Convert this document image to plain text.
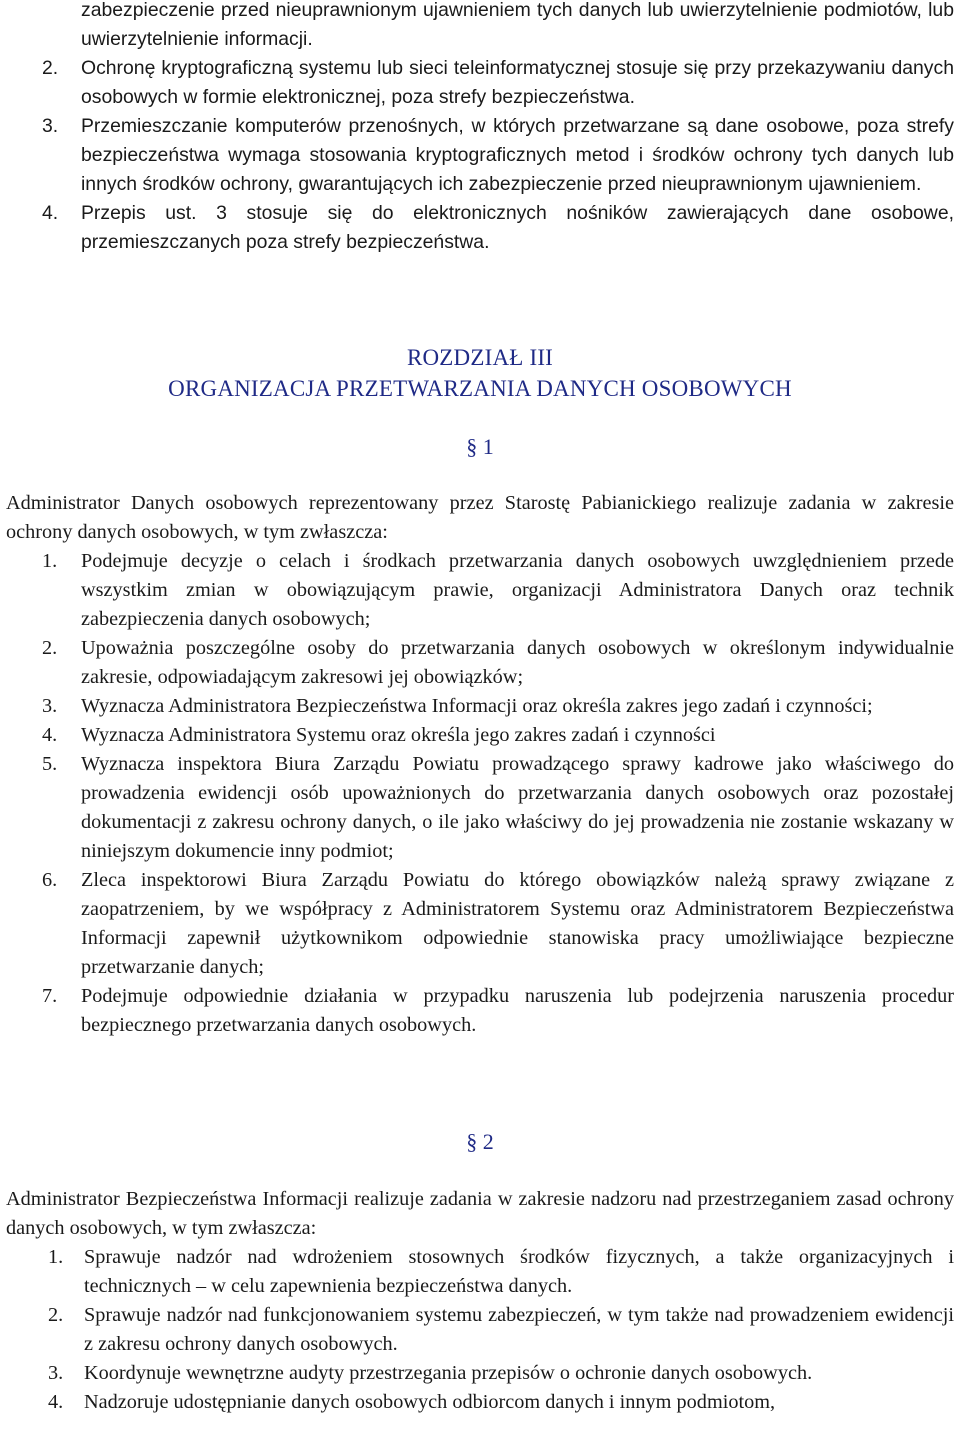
zabezpieczenie przed nieuprawnionym ujawnieniem tych danych lub uwierzytelnienie podmiotów, lub uwierzytelnienie informacji.

2. Ochronę kryptograficzną systemu lub sieci teleinformatycznej stosuje się przy przekazywaniu danych osobowych w formie elektronicznej, poza strefy bezpieczeństwa.
3. Przemieszczanie komputerów przenośnych, w których przetwarzane są dane osobowe, poza strefy bezpieczeństwa wymaga stosowania kryptograficznych metod i środków ochrony tych danych lub innych środków ochrony, gwarantujących ich zabezpieczenie przed nieuprawnionym ujawnieniem.
4. Przepis ust. 3 stosuje się do elektronicznych nośników zawierających dane osobowe, przemieszczanych poza strefy bezpieczeństwa.
ROZDZIAŁ III
ORGANIZACJA PRZETWARZANIA DANYCH OSOBOWYCH
§ 1

Administrator Danych osobowych reprezentowany przez Starostę Pabianickiego realizuje zadania w zakresie ochrony danych osobowych, w tym zwłaszcza:

1. Podejmuje decyzje o celach i środkach przetwarzania danych osobowych uwzględnieniem przede wszystkim zmian w obowiązującym prawie, organizacji Administratora Danych oraz technik zabezpieczenia danych osobowych;
2. Upoważnia poszczególne osoby do przetwarzania danych osobowych w określonym indywidualnie zakresie, odpowiadającym zakresowi jej obowiązków;
3. Wyznacza Administratora Bezpieczeństwa Informacji oraz określa zakres jego zadań i czynności;
4. Wyznacza Administratora Systemu oraz określa jego zakres zadań i czynności
5. Wyznacza inspektora Biura Zarządu Powiatu prowadzącego sprawy kadrowe jako właściwego do prowadzenia ewidencji osób upoważnionych do przetwarzania danych osobowych oraz pozostałej dokumentacji z zakresu ochrony danych, o ile jako właściwy do jej prowadzenia nie zostanie wskazany w niniejszym dokumencie inny podmiot;
6. Zleca inspektorowi Biura Zarządu Powiatu do którego obowiązków należą sprawy związane z zaopatrzeniem, by we współpracy z Administratorem Systemu oraz Administratorem Bezpieczeństwa Informacji zapewnił użytkownikom odpowiednie stanowiska pracy umożliwiające bezpieczne przetwarzanie danych;
7. Podejmuje odpowiednie działania w przypadku naruszenia lub podejrzenia naruszenia procedur bezpiecznego przetwarzania danych osobowych.
§ 2

Administrator Bezpieczeństwa Informacji realizuje zadania w zakresie nadzoru nad przestrzeganiem zasad ochrony danych osobowych, w tym zwłaszcza:

1. Sprawuje nadzór nad wdrożeniem stosownych środków fizycznych, a także organizacyjnych i technicznych – w celu zapewnienia bezpieczeństwa danych.
2. Sprawuje nadzór nad funkcjonowaniem systemu zabezpieczeń, w tym także nad prowadzeniem ewidencji z zakresu ochrony danych osobowych.
3. Koordynuje wewnętrzne audyty przestrzegania przepisów o ochronie danych osobowych.
4. Nadzoruje udostępnianie danych osobowych odbiorcom danych i innym podmiotom,
